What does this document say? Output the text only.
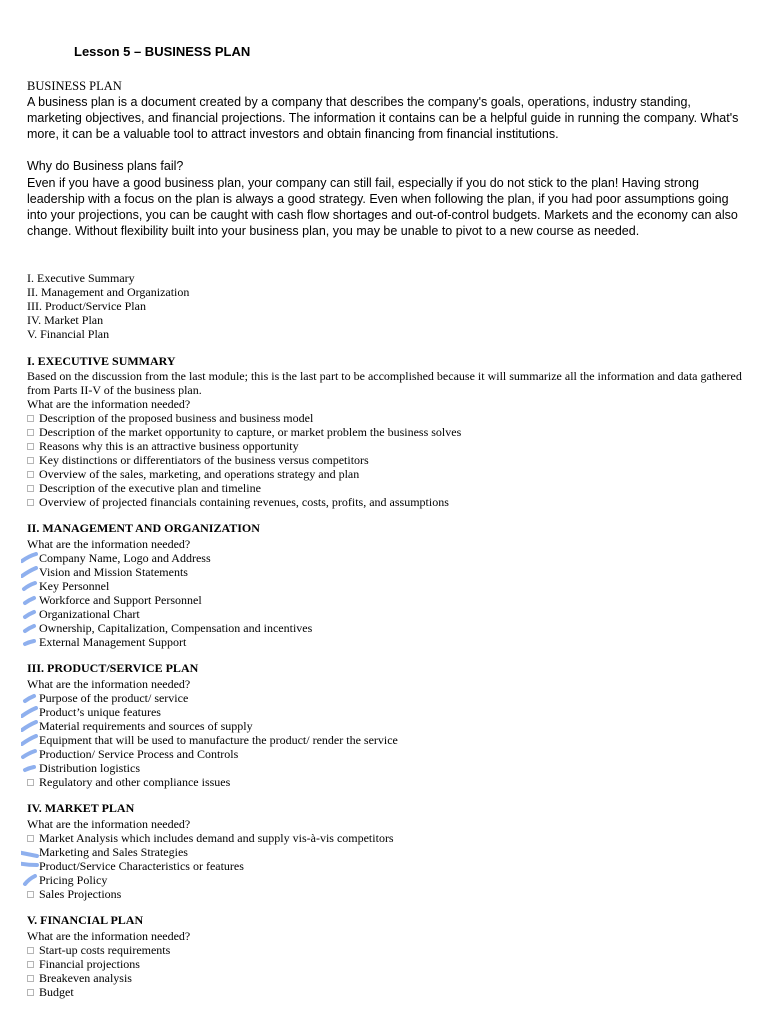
Lesson 5 – BUSINESS PLAN
BUSINESS PLAN
A business plan is a document created by a company that describes the company's goals, operations, industry standing, marketing objectives, and financial projections. The information it contains can be a helpful guide in running the company. What's more, it can be a valuable tool to attract investors and obtain financing from financial institutions.
Why do Business plans fail?
Even if you have a good business plan, your company can still fail, especially if you do not stick to the plan! Having strong leadership with a focus on the plan is always a good strategy. Even when following the plan, if you had poor assumptions going into your projections, you can be caught with cash flow shortages and out-of-control budgets. Markets and the economy can also change. Without flexibility built into your business plan, you may be unable to pivot to a new course as needed.
I. Executive Summary
II. Management and Organization
III. Product/Service Plan
IV. Market Plan
V. Financial Plan
I. EXECUTIVE SUMMARY
Based on the discussion from the last module; this is the last part to be accomplished because it will summarize all the information and data gathered from Parts II-V of the business plan.
What are the information needed?
Description of the proposed business and business model
Description of the market opportunity to capture, or market problem the business solves
Reasons why this is an attractive business opportunity
Key distinctions or differentiators of the business versus competitors
Overview of the sales, marketing, and operations strategy and plan
Description of the executive plan and timeline
Overview of projected financials containing revenues, costs, profits, and assumptions
II. MANAGEMENT AND ORGANIZATION
What are the information needed?
Company Name, Logo and Address
Vision and Mission Statements
Key Personnel
Workforce and Support Personnel
Organizational Chart
Ownership, Capitalization, Compensation and incentives
External Management Support
III. PRODUCT/SERVICE PLAN
What are the information needed?
Purpose of the product/ service
Product’s unique features
Material requirements and sources of supply
Equipment that will be used to manufacture the product/ render the service
Production/ Service Process and Controls
Distribution logistics
Regulatory and other compliance issues
IV. MARKET PLAN
What are the information needed?
Market Analysis which includes demand and supply vis-à-vis competitors
Marketing and Sales Strategies
Product/Service Characteristics or features
Pricing Policy
Sales Projections
V. FINANCIAL PLAN
What are the information needed?
Start-up costs requirements
Financial projections
Breakeven analysis
Budget
